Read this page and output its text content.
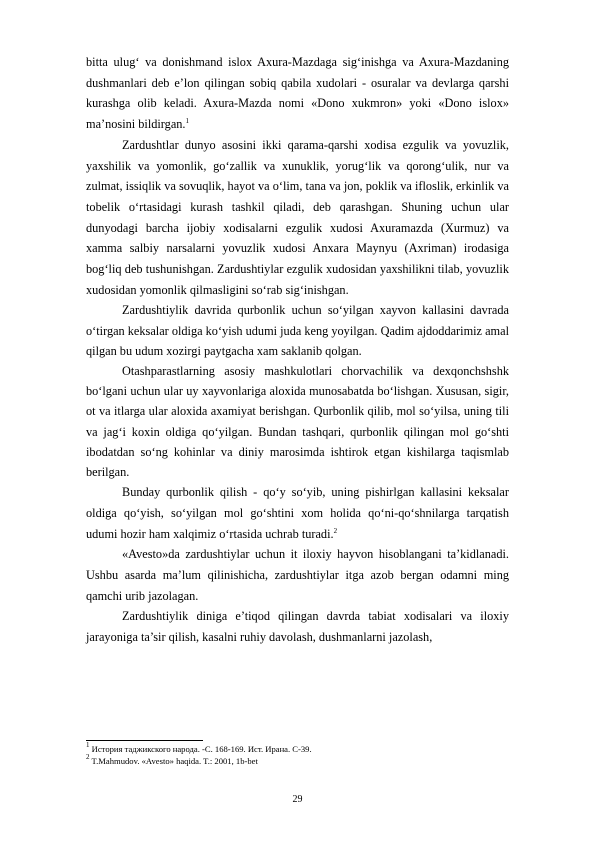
bitta ulug‘ va donishmand islox Axura-Mazdaga sig‘inishga va Axura-Mazdaning dushmanlari deb e’lon qilingan sobiq qabila xudolari - osuralar va devlarga qarshi kurashga olib keladi. Axura-Mazda nomi «Dono xukmron» yoki «Dono islox» ma’nosini bildirgan.$^1$

Zardushtlar dunyo asosini ikki qarama-qarshi xodisa ezgulik va yovuzlik, yaxshilik va yomonlik, go‘zallik va xunuklik, yorug‘lik va qorong‘ulik, nur va zulmat, issiqlik va sovuqlik, hayot va o‘lim, tana va jon, poklik va ifloslik, erkinlik va tobelik o‘rtasidagi kurash tashkil qiladi, deb qarashgan. Shuning uchun ular dunyodagi barcha ijobiy xodisalarni ezgulik xudosi Axuramazda (Xurmuz) va xamma salbiy narsalarni yovuzlik xudosi Anxara Maynyu (Axriman) irodasiga bog‘liq deb tushunishgan. Zardushtiylar ezgulik xudosidan yaxshilikni tilab, yovuzlik xudosidan yomonlik qilmasligini so‘rab sig‘inishgan.

Zardushtiylik davrida qurbonlik uchun so‘yilgan xayvon kallasini davrada o‘tirgan keksalar oldiga ko‘yish udumi juda keng yoyilgan. Qadim ajdoddarimiz amal qilgan bu udum xozirgi paytgacha xam saklanib qolgan.

Otashparastlarning asosiy mashkulotlari chorvachilik va dexqonchshshk bo‘lgani uchun ular uy xayvonlariga aloxida munosabatda bo‘lishgan. Xususan, sigir, ot va itlarga ular aloxida axamiyat berishgan. Qurbonlik qilib, mol so‘yilsa, uning tili va jag‘i koxin oldiga qo‘yilgan. Bundan tashqari, qurbonlik qilingan mol go‘shti ibodatdan so‘ng kohinlar va diniy marosimda ishtirok etgan kishilarga taqismlab berilgan.

Bunday qurbonlik qilish - qo‘y so‘yib, uning pishirlgan kallasini keksalar oldiga qo‘yish, so‘yilgan mol go‘shtini xom holida qo‘ni-qo‘shnilarga tarqatish udumi hozir ham xalqimiz o‘rtasida uchrab turadi.$^2$

«Avesto»da zardushtiylar uchun it iloxiy hayvon hisoblangani ta’kidlanadi. Ushbu asarda ma’lum qilinishicha, zardushtiylar itga azob bergan odamni ming qamchi urib jazolagan.

Zardushtiylik diniga e’tiqod qilingan davrda tabiat xodisalari va iloxiy jarayoniga ta’sir qilish, kasalni ruhiy davolash, dushmanlarni jazolash,

$^1$ История таджикского народа. -С. 168-169. Ист. Ирана. С-39.

$^2$ T.Mahmudov. «Avesto» haqida. T.: 2001, 1b-bet

29
